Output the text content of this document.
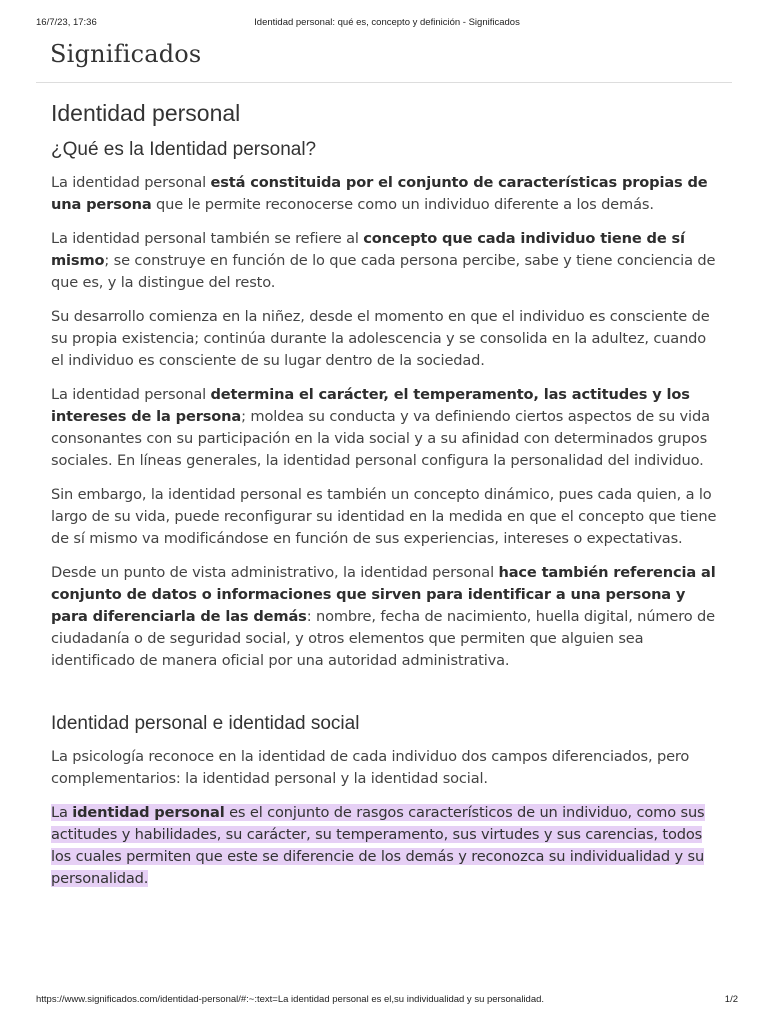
16/7/23, 17:36	Identidad personal: qué es, concepto y definición - Significados
Significados
Identidad personal
¿Qué es la Identidad personal?

La identidad personal está constituida por el conjunto de características propias de una persona que le permite reconocerse como un individuo diferente a los demás.

La identidad personal también se refiere al concepto que cada individuo tiene de sí mismo; se construye en función de lo que cada persona percibe, sabe y tiene conciencia de que es, y la distingue del resto.

Su desarrollo comienza en la niñez, desde el momento en que el individuo es consciente de su propia existencia; continúa durante la adolescencia y se consolida en la adultez, cuando el individuo es consciente de su lugar dentro de la sociedad.

La identidad personal determina el carácter, el temperamento, las actitudes y los intereses de la persona; moldea su conducta y va definiendo ciertos aspectos de su vida consonantes con su participación en la vida social y a su afinidad con determinados grupos sociales. En líneas generales, la identidad personal configura la personalidad del individuo.

Sin embargo, la identidad personal es también un concepto dinámico, pues cada quien, a lo largo de su vida, puede reconfigurar su identidad en la medida en que el concepto que tiene de sí mismo va modificándose en función de sus experiencias, intereses o expectativas.

Desde un punto de vista administrativo, la identidad personal hace también referencia al conjunto de datos o informaciones que sirven para identificar a una persona y para diferenciarla de las demás: nombre, fecha de nacimiento, huella digital, número de ciudadanía o de seguridad social, y otros elementos que permiten que alguien sea identificado de manera oficial por una autoridad administrativa.

Identidad personal e identidad social

La psicología reconoce en la identidad de cada individuo dos campos diferenciados, pero complementarios: la identidad personal y la identidad social.

La identidad personal es el conjunto de rasgos característicos de un individuo, como sus actitudes y habilidades, su carácter, su temperamento, sus virtudes y sus carencias, todos los cuales permiten que este se diferencie de los demás y reconozca su individualidad y su personalidad.

https://www.significados.com/identidad-personal/#:~:text=La identidad personal es el,su individualidad y su personalidad.	1/2
